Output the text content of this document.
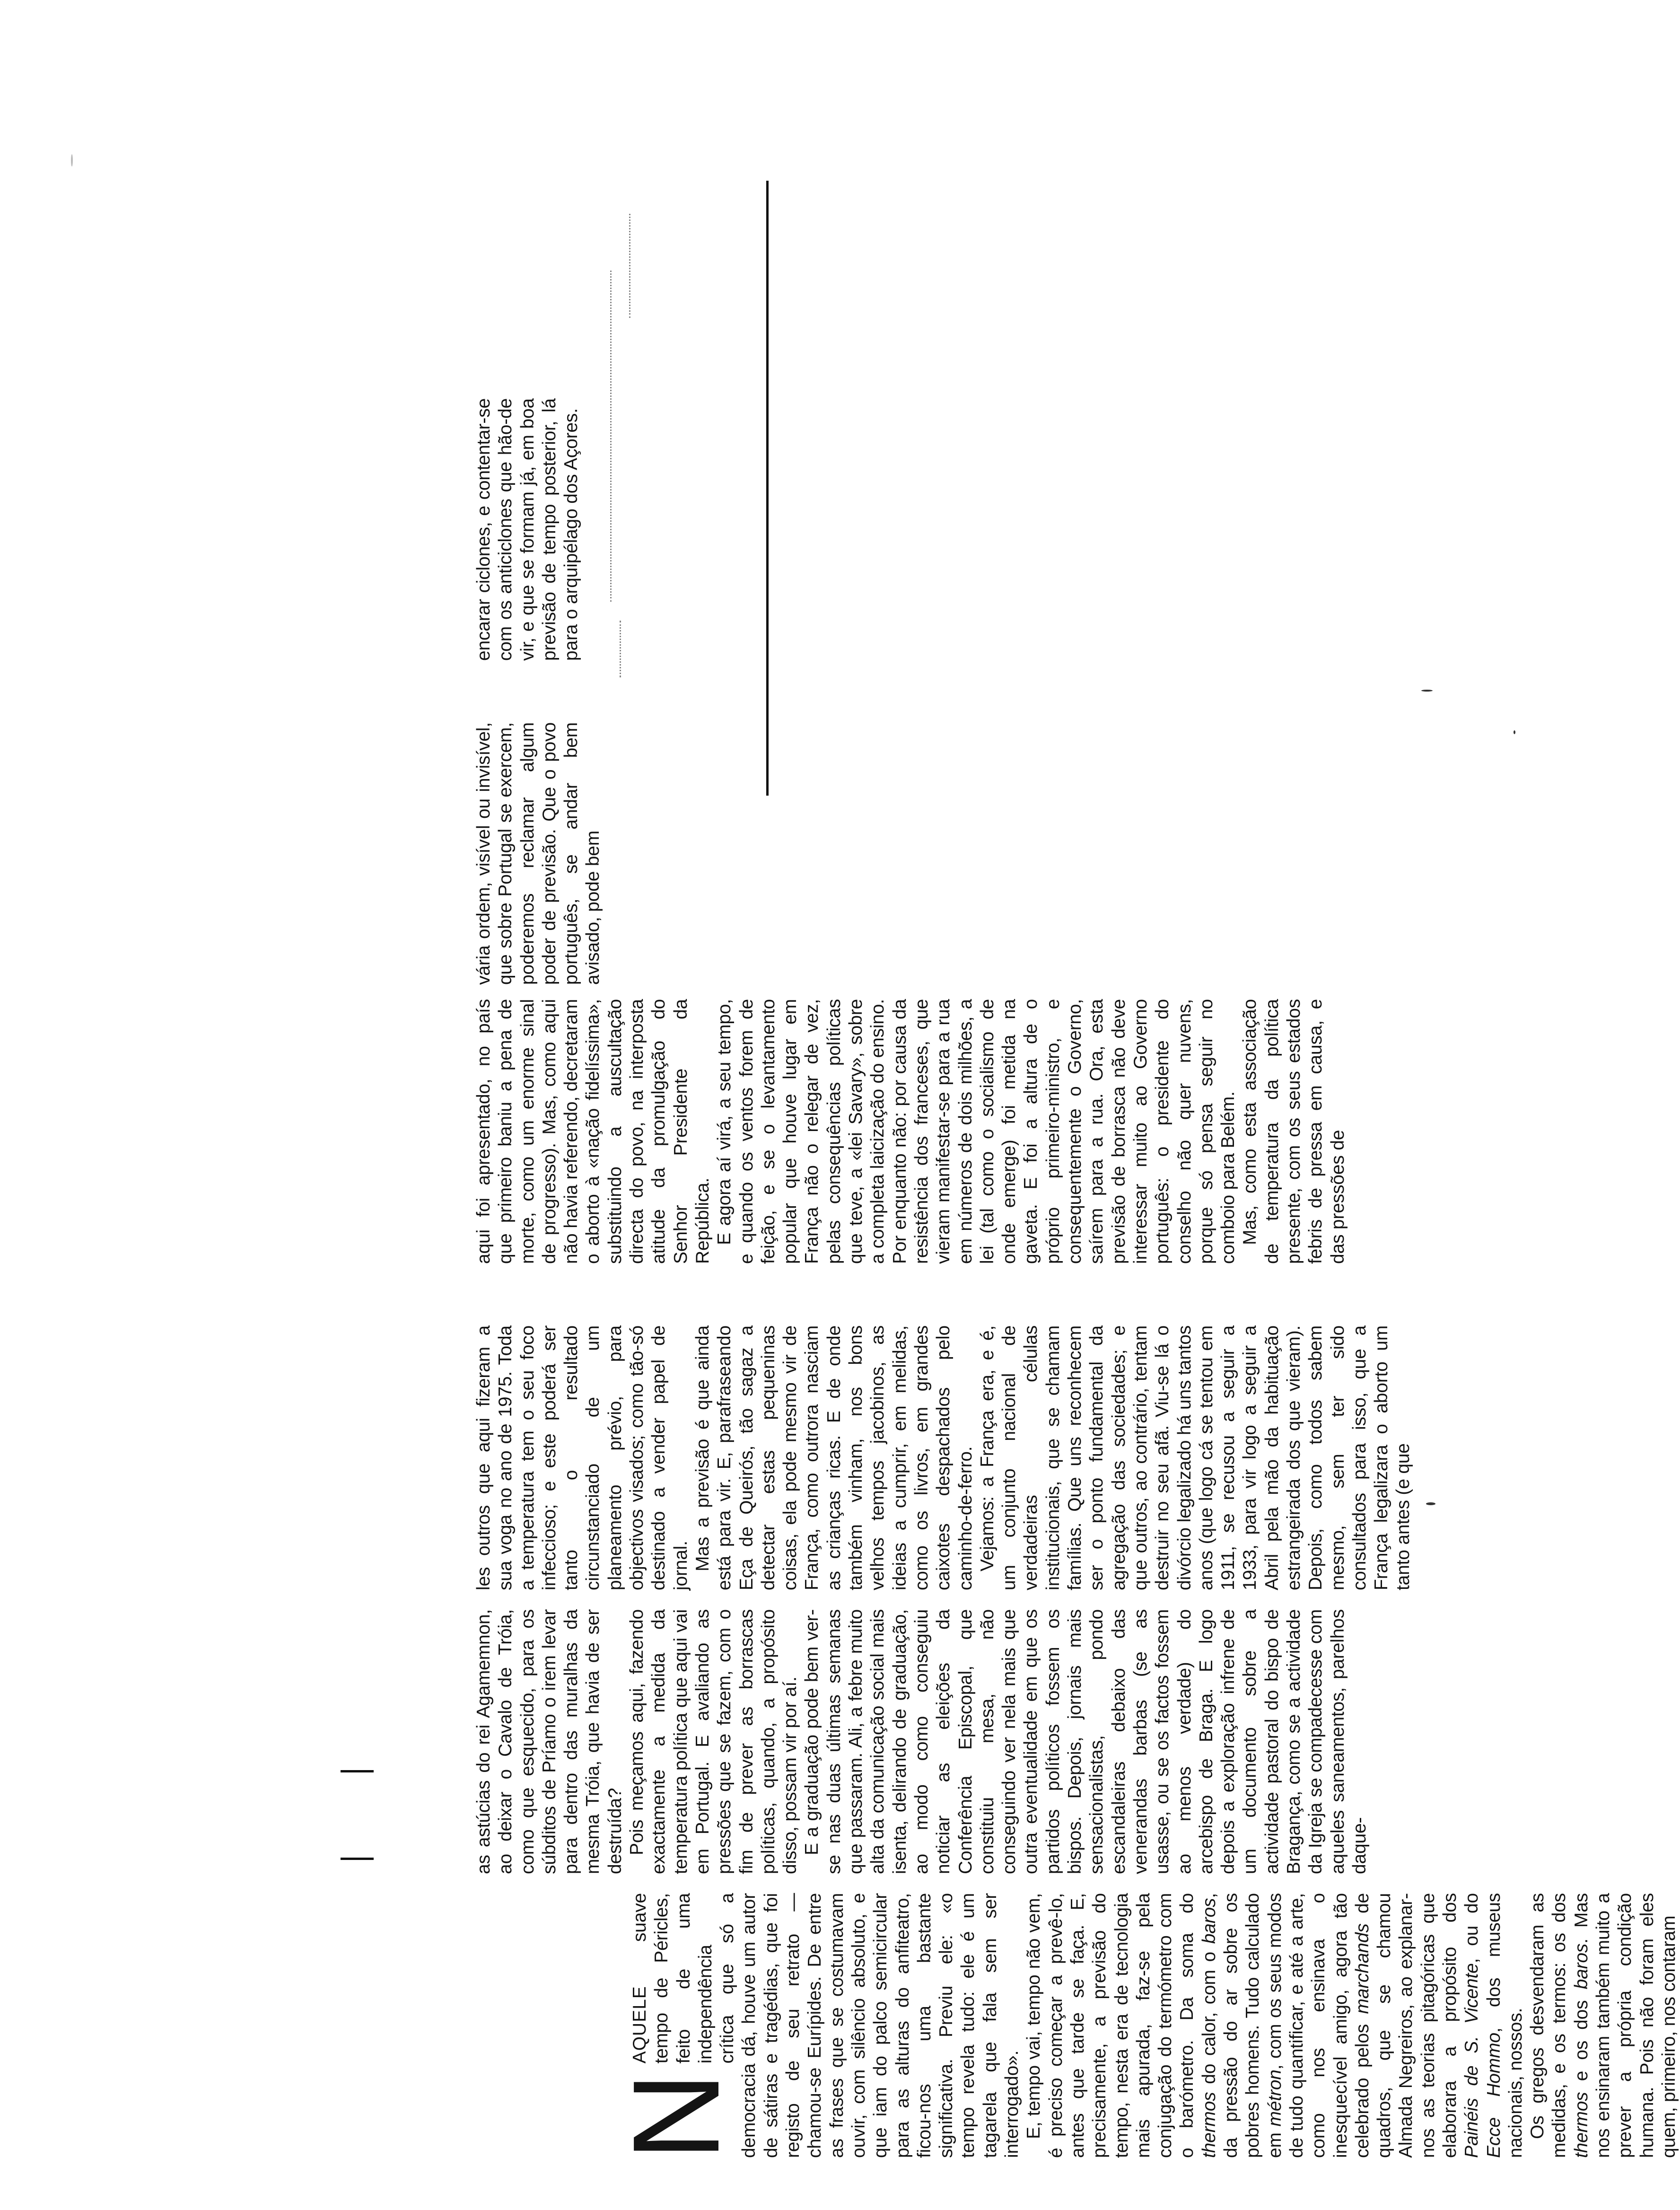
N
AQUELE suave tempo de Péricles, feito de uma independência crítica que só a democracia dá, houve um autor de sátiras e tragédias, que foi registo de seu retrato — chamou-se Eurípides. De entre as frases que se costumavam ouvir, com silêncio absoluto, e que iam do palco semicircular para as alturas do anfiteatro, ficou-nos uma bastante significativa. Previu ele: «o tempo revela tudo: ele é um tagarela que fala sem ser interrogado». E, tempo vai, tempo não vem, é preciso começar a prevê-lo, antes que tarde se faça. E, precisamente, a previsão do tempo, nesta era de tecnologia mais apurada, faz-se pela conjugação do termómetro com o barómetro. Da soma do thermos do calor, com o baros, da pressão do ar sobre os pobres homens. Tudo calculado em métron, com os seus modos de tudo quantificar, e até a arte, como nos ensinava o inesquecível amigo, agora tão celebrado pelos marchands de quadros, que se chamou Almada Negreiros, ao explanar-nos as teorias pitagóricas que elaborara a propósito dos Painéis de S. Vicente, ou do Ecce Hommo, dos museus nacionais, nossos. Os gregos desvendaram as medidas, e os termos: os dos thermos e os dos baros. Mas nos ensinaram também muito a prever a própria condição humana. Pois não foram eles quem, primeiro, nos contaram

as astúcias do rei Agamemnon, ao deixar o Cavalo de Tróia, como que esquecido, para os súbditos de Príamo o irem levar para dentro das muralhas da mesma Tróia, que havia de ser destruída? Pois meçamos aqui, fazendo exactamente a medida da temperatura política que aqui vai em Portugal. E avaliando as pressões que se fazem, com o fim de prever as borrascas políticas, quando, a propósito disso, possam vir por aí. E a graduação pode bem ver-se nas duas últimas semanas que passaram. Ali, a febre muito alta da comunicação social mais isenta, delirando de graduação, ao modo como conseguiu noticiar as eleições da Conferência Episcopal, que constituiu mesa, não conseguindo ver nela mais que outra eventualidade em que os partidos políticos fossem os bispos. Depois, jornais mais sensacionalistas, pondo escandaleiras debaixo das venerandas barbas (se as usasse, ou se os factos fossem ao menos verdade) do arcebispo de Braga. E logo depois a exploração infrene de um documento sobre a actividade pastoral do bispo de Bragança, como se a actividade da Igreja se compadecesse com aqueles saneamentos, parelhos daque-

les outros que aqui fizeram a sua voga no ano de 1975. Toda a temperatura tem o seu foco infeccioso; e este poderá ser tanto o resultado circunstanciado de um planeamento prévio, para objectivos visados; como tão-só destinado a vender papel de jornal. Mas a previsão é que ainda está para vir. E, parafraseando Eça de Queirós, tão sagaz a detectar estas pequeninas coisas, ela pode mesmo vir de França, como outrora nasciam as crianças ricas. E de onde também vinham, nos bons velhos tempos jacobinos, as ideias a cumprir, em melidas, como os livros, em grandes caixotes despachados pelo caminho-de-ferro. Vejamos: a França era, e é, um conjunto nacional de verdadeiras células institucionais, que se chamam famílias. Que uns reconhecem ser o ponto fundamental da agregação das sociedades; e que outros, ao contrário, tentam destruir no seu afã. Viu-se lá o divórcio legalizado há uns tantos anos (que logo cá se tentou em 1911, se recusou a seguir a 1933, para vir logo a seguir a Abril pela mão da habituação estrangeirada dos que vieram). Depois, como todos sabem mesmo, sem ter sido consultados para isso, que a França legalizara o aborto um tanto antes (e que

aqui foi apresentado, no país que primeiro baniu a pena de morte, como um enorme sinal de progresso). Mas, como aqui não havia referendo, decretaram o aborto à «nação fidelíssima», substituindo a auscultação directa do povo, na interposta atitude da promulgação do Senhor Presidente da República. E agora aí virá, a seu tempo, e quando os ventos forem de feição, e se o levantamento popular que houve lugar em França não o relegar de vez, pelas consequências políticas que teve, a «lei Savary», sobre a completa laicização do ensino. Por enquanto não: por causa da resistência dos franceses, que vieram manifestar-se para a rua em números de dois milhões, a lei (tal como o socialismo de onde emerge) foi metida na gaveta. E foi a altura de o próprio primeiro-ministro, e consequentemente o Governo, saírem para a rua. Ora, esta previsão de borrasca não deve interessar muito ao Governo português: o presidente do conselho não quer nuvens, porque só pensa seguir no comboio para Belém. Mas, como esta associação de temperatura da política presente, com os seus estados febris de pressa em causa, e das pressões de

vária ordem, visível ou invisível, que sobre Portugal se exercem, poderemos reclamar algum poder de previsão. Que o povo português, se andar bem avisado, pode bem

encarar ciclones, e contentar-se com os anticiclones que hão-de vir, e que se formam já, em boa previsão de tempo posterior, lá para o arquipélago dos Açores.
